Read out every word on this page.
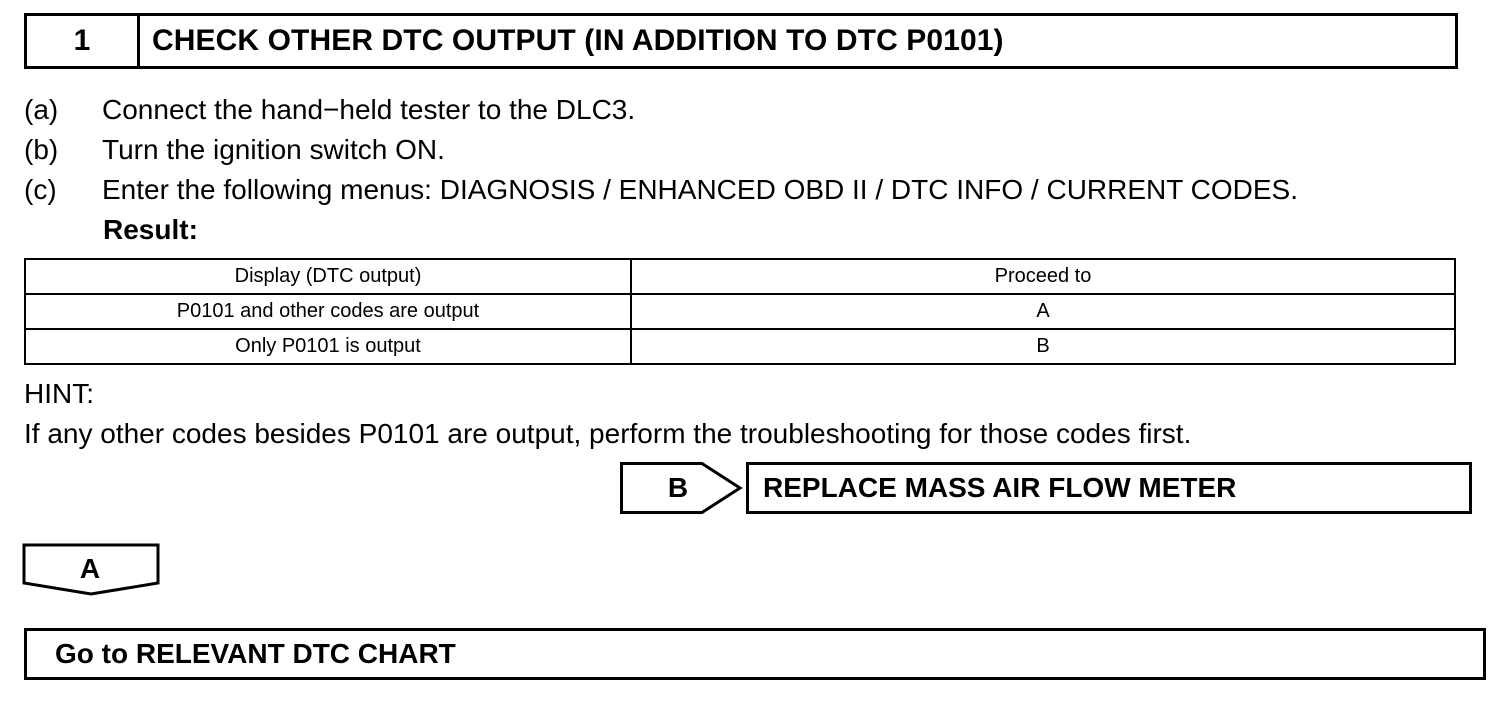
1	CHECK OTHER DTC OUTPUT (IN ADDITION TO DTC P0101)
(a) Connect the hand−held tester to the DLC3.
(b) Turn the ignition switch ON.
(c) Enter the following menus: DIAGNOSIS / ENHANCED OBD II / DTC INFO / CURRENT CODES.
Result:
Display (DTC output)	Proceed to
P0101 and other codes are output	A
Only P0101 is output	B
HINT:
If any other codes besides P0101 are output, perform the troubleshooting for those codes first.
B	REPLACE MASS AIR FLOW METER
A
Go to RELEVANT DTC CHART
